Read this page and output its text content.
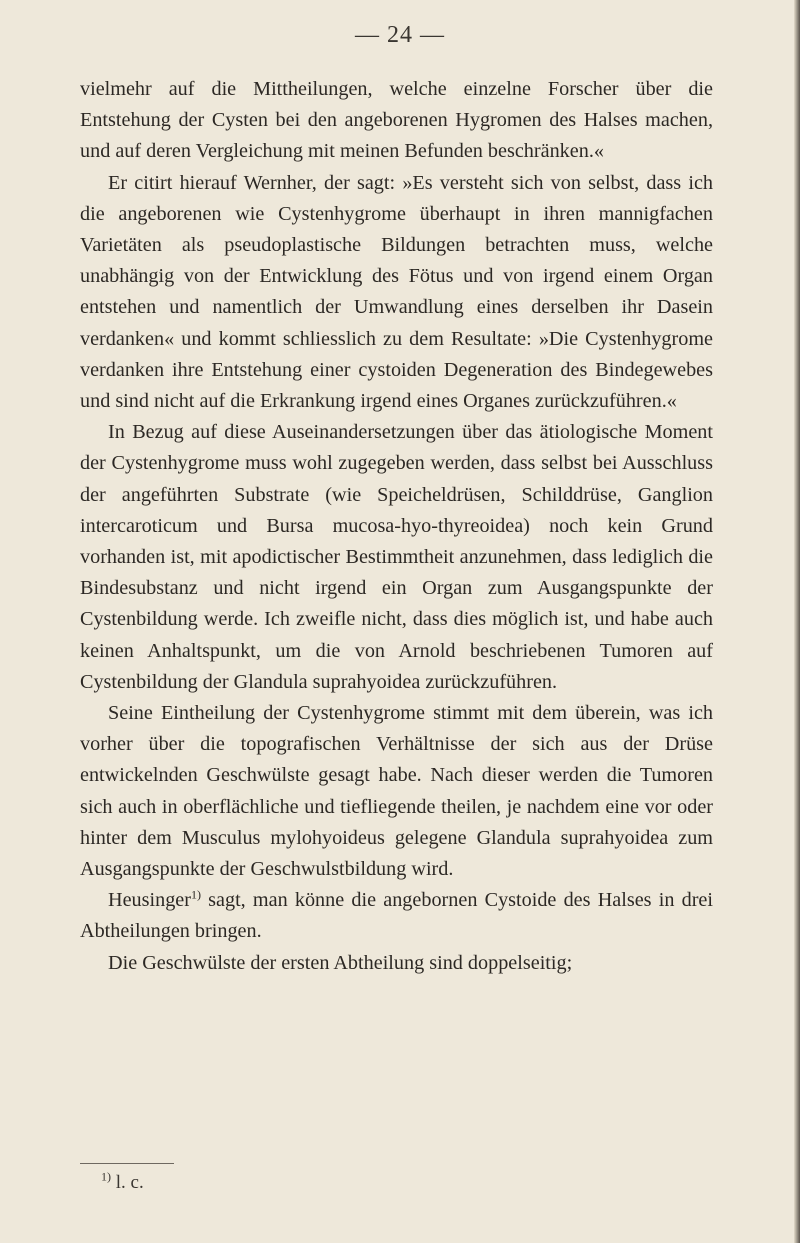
— 24 —

vielmehr auf die Mittheilungen, welche einzelne Forscher über die Entstehung der Cysten bei den angeborenen Hygromen des Halses machen, und auf deren Vergleichung mit meinen Befunden beschränken.«

Er citirt hierauf Wernher, der sagt: »Es versteht sich von selbst, dass ich die angeborenen wie Cystenhygrome überhaupt in ihren mannigfachen Varietäten als pseudoplastische Bildungen betrachten muss, welche unabhängig von der Entwicklung des Fötus und von irgend einem Organ entstehen und namentlich der Umwandlung eines derselben ihr Dasein verdanken« und kommt schliesslich zu dem Resultate: »Die Cystenhygrome verdanken ihre Entstehung einer cystoiden Degeneration des Bindegewebes und sind nicht auf die Erkrankung irgend eines Organes zurückzuführen.«

In Bezug auf diese Auseinandersetzungen über das ätiologische Moment der Cystenhygrome muss wohl zugegeben werden, dass selbst bei Ausschluss der angeführten Substrate (wie Speicheldrüsen, Schilddrüse, Ganglion intercaroticum und Bursa mucosa-hyo-thyreoidea) noch kein Grund vorhanden ist, mit apodictischer Bestimmtheit anzunehmen, dass lediglich die Bindesubstanz und nicht irgend ein Organ zum Ausgangspunkte der Cystenbildung werde. Ich zweifle nicht, dass dies möglich ist, und habe auch keinen Anhaltspunkt, um die von Arnold beschriebenen Tumoren auf Cystenbildung der Glandula suprahyoidea zurückzuführen.

Seine Eintheilung der Cystenhygrome stimmt mit dem überein, was ich vorher über die topografischen Verhältnisse der sich aus der Drüse entwickelnden Geschwülste gesagt habe. Nach dieser werden die Tumoren sich auch in oberflächliche und tiefliegende theilen, je nachdem eine vor oder hinter dem Musculus mylohyoideus gelegene Glandula suprahyoidea zum Ausgangspunkte der Geschwulstbildung wird.

Heusinger$^{1)}$ sagt, man könne die angebornen Cystoide des Halses in drei Abtheilungen bringen.

Die Geschwülste der ersten Abtheilung sind doppelseitig;

$^{1)}$ l. c.
